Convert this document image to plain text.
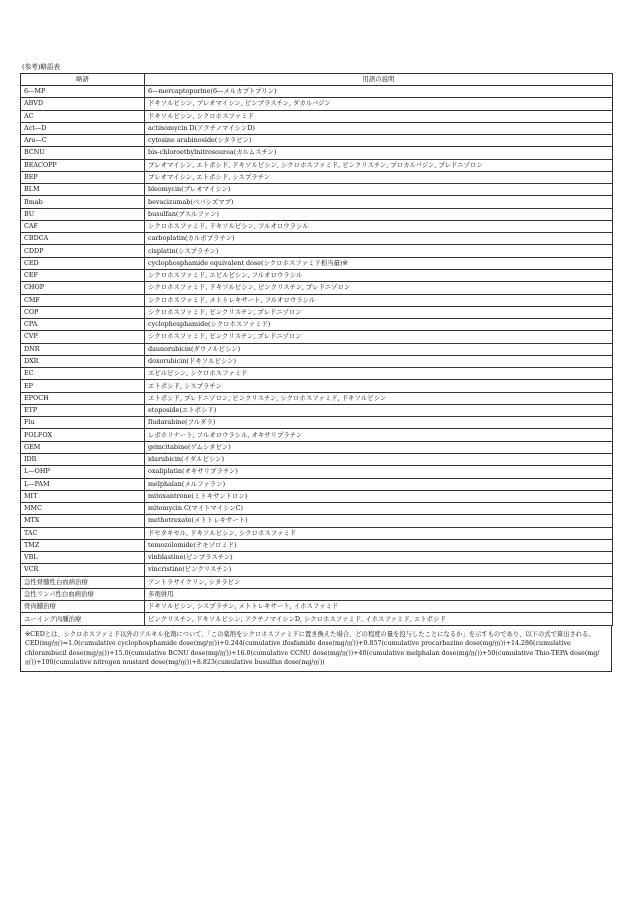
(参考)略語表
略語	用語の説明
6—MP	6—mercaptopurine(6—メルカプトプリン)
ABVD	ドキソルビシン, ブレオマイシン, ビンブラスチン, ダカルバジン
AC	ドキソルビシン, シクロホスファミド
Act—D	actinomycin D(アクチノマイシンD)
Ara—C	cytosine arabinoside(シタラビン)
BCNU	bis-chloroethylnitrosourea(カルムスチン)
BEACOPP	ブレオマイシン, エトポシド, ドキソルビシン, シクロホスファミド, ビンクリスチン, プロカルバジン, プレドニゾロン
BEP	ブレオマイシン, エトポシド, シスプラチン
BLM	bleomycin(ブレオマイシン)
Bmab	bevacizumab(ベバシズマブ)
BU	busulfan(ブスルファン)
CAF	シクロホスファミド, ドキソルビシン, フルオロウラシル
CBDCA	carboplatin(カルボプラチン)
CDDP	cisplatin(シスプラチン)
CED	cyclophosphamide equivalent dose(シクロホスファミド相当量)※
CEF	シクロホスファミド, エピルビシン, フルオロウラシル
CHOP	シクロホスファミド, ドキソルビシン, ビンクリスチン, プレドニゾロン
CMF	シクロホスファミド, メトトレキサート, フルオロウラシル
COP	シクロホスファミド, ビンクリスチン, プレドニゾロン
CPA	cyclophosphamide(シクロホスファミド)
CVP	シクロホスファミド, ビンクリスチン, プレドニゾロン
DNR	daunorubicin(ダウノルビシン)
DXR	doxorubicin(ドキソルビシン)
EC	エピルビシン, シクロホスファミド
EP	エトポシド, シスプラチン
EPOCH	エトポシド, プレドニゾロン, ビンクリスチン, シクロホスファミド, ドキソルビシン
ETP	etoposide(エトポシド)
Flu	fludarabine(フルダラ)
FOLFOX	レボホリナート, フルオロウラシル, オキサリプラチン
GEM	gemcitabine(ゲムシタビン)
IDR	idarubicin(イダルビシン)
L—OHP	oxaliplatin(オキサリプラチン)
L—PAM	melphalan(メルファラン)
MIT	mitoxantrone(ミトキサントロン)
MMC	mitomycin C(マイトマイシンC)
MTX	methotrexate(メトトレキサート)
TAC	ドセタキセル, ドキソルビシン, シクロホスファミド
TMZ	temozolomide(テモゾロミド)
VBL	vinblastine(ビンブラスチン)
VCR	vincristine(ビンクリスチン)
急性骨髄性白血病治療	アントラサイクリン, シタラビン
急性リンパ性白血病治療	多剤併用
骨肉腫治療	ドキソルビシン, シスプラチン, メトトレキサート, イホスファミド
ユーイング肉腫治療	ビンクリスチン, ドキソルビシン, アクチノマイシンD, シクロホスファミド, イホスファミド, エトポシド

※CEDとは、シクロホスファミド以外のアルキル化剤について、「この薬剤をシクロホスファミドに置き換えた場合、どの程度の量を投与したことになるか」を示すものであり、以下の式で算出される。

CED(mg/㎡)=1.0(cumulative cyclophosphamide dose(mg/㎡))+0.244(cumulative ifosfamide dose(mg/㎡))+0.857(cumulative procarbazine dose(mg/㎡))+14.286(cumulative chlorambucil dose(mg/㎡))+15.0(cumulative BCNU dose(mg/㎡))+16.0(cumulative CCNU dose(mg/㎡))+40(cumulative melphalan dose(mg/㎡))+50(cumulative Thio-TEPA dose(mg/㎡))+100(cumulative nitrogen mustard dose(mg/㎡))+8.823(cumulative busulfan dose(mg/㎡))
